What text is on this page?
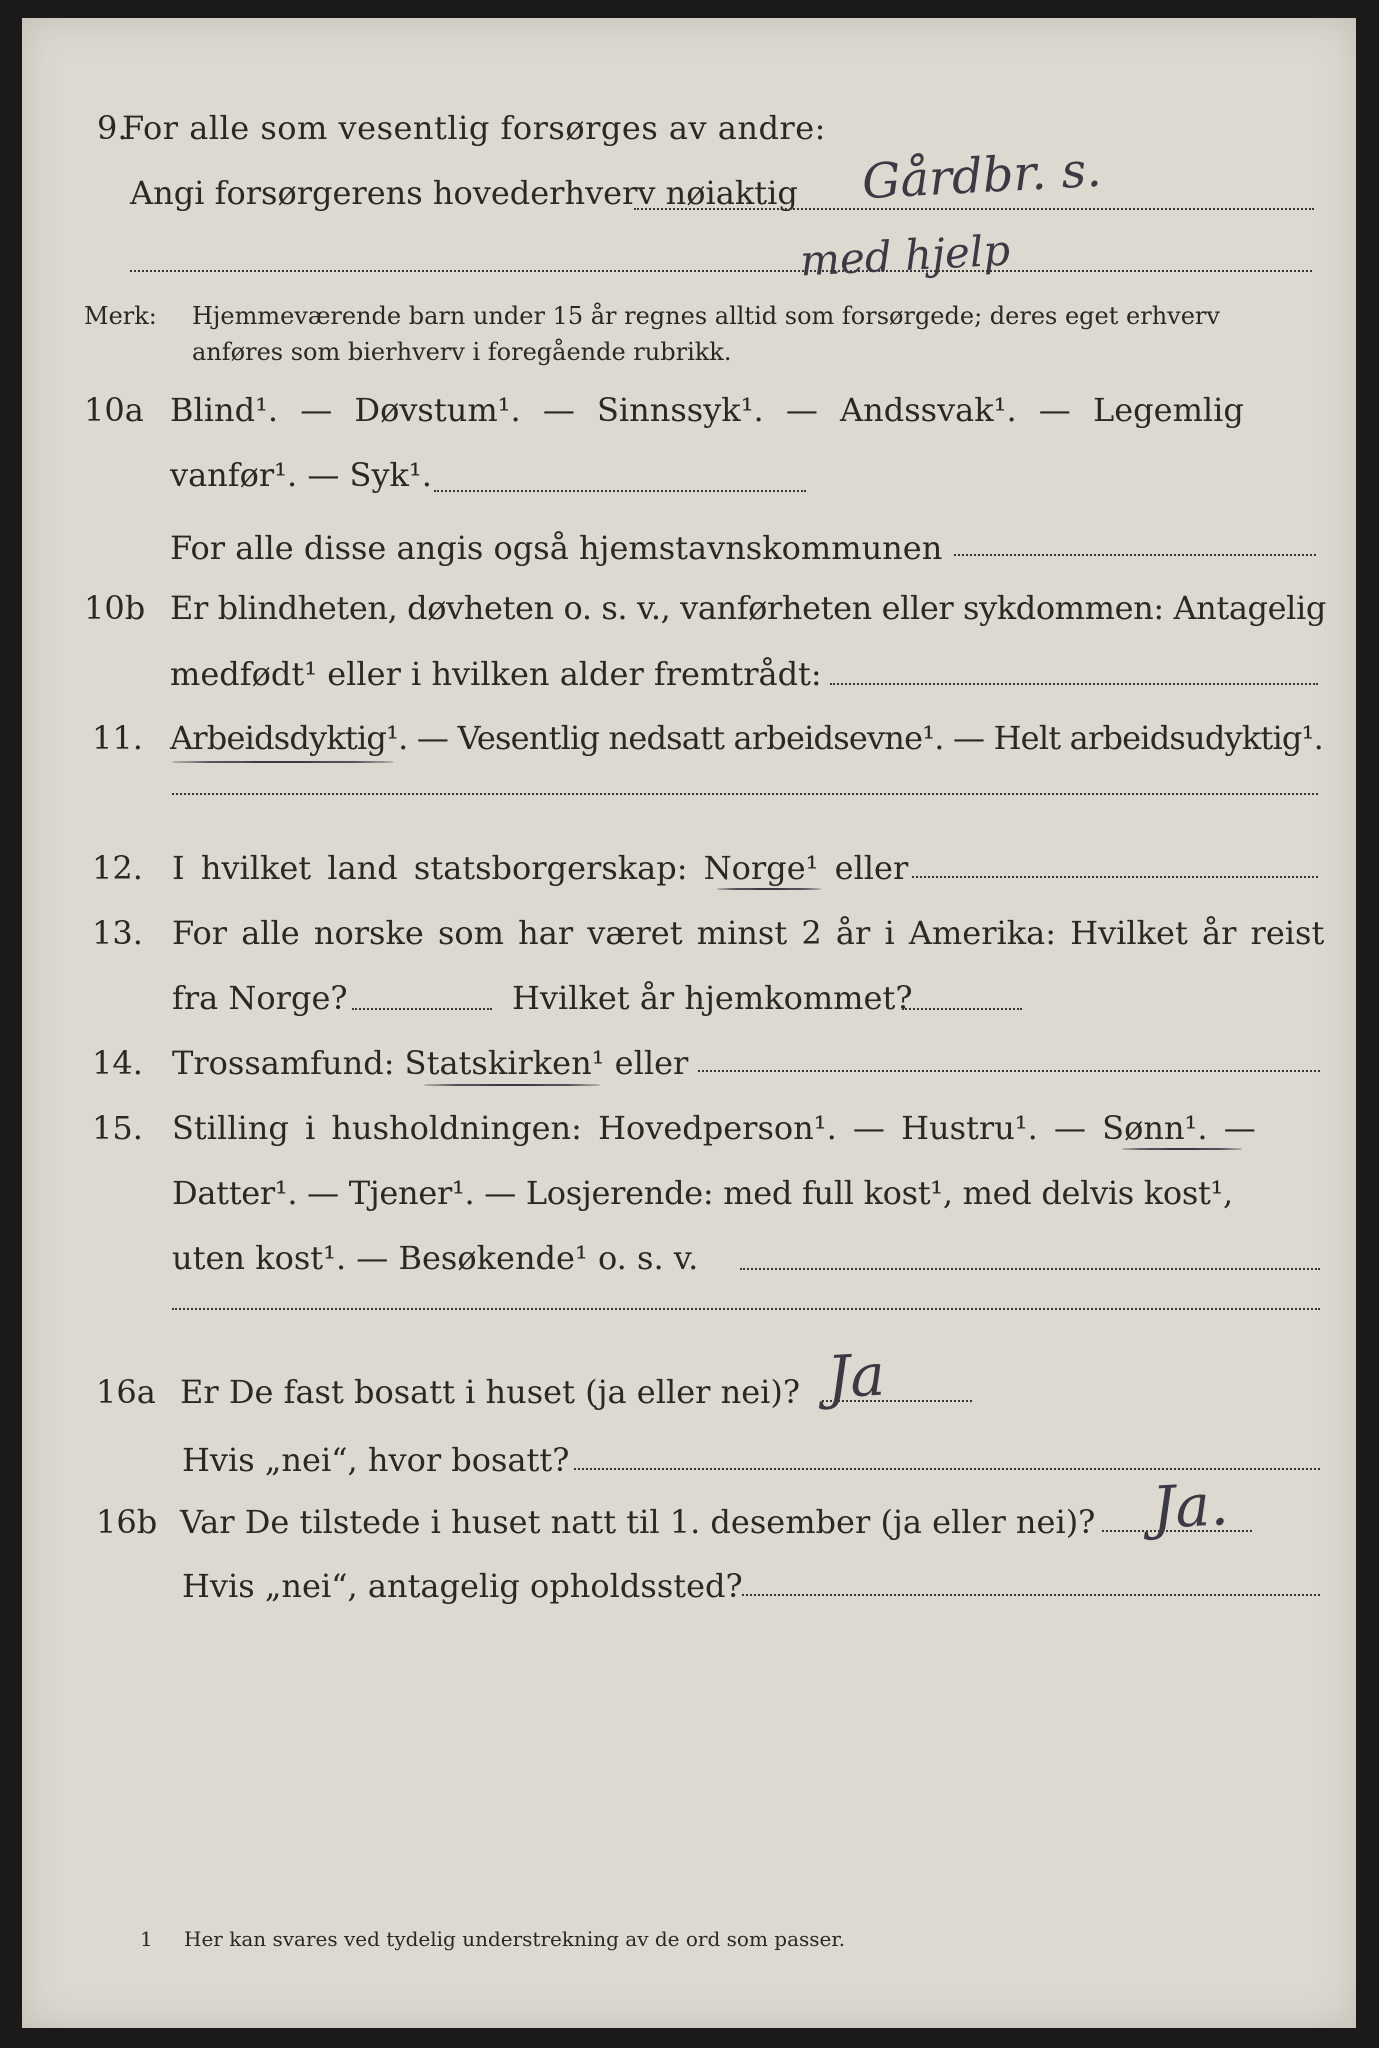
9.
For alle som vesentlig forsørges av andre:
Angi forsørgerens hovederhverv nøiaktig Gårdbr. s.
med hjelp
Merk: Hjemmeværende barn under 15 år regnes alltid som forsørgede; deres eget erhverv
anføres som bierhverv i foregående rubrikk.
10a Blind¹. — Døvstum¹. — Sinnssyk¹. — Andssvak¹. — Legemlig
vanfør¹. — Syk¹.
For alle disse angis også hjemstavnskommunen
10b Er blindheten, døvheten o. s. v., vanførheten eller sykdommen: Antagelig
medfødt¹ eller i hvilken alder fremtrådt:
11. Arbeidsdyktig¹. — Vesentlig nedsatt arbeidsevne¹. — Helt arbeidsudyktig¹.
12. I hvilket land statsborgerskap: Norge¹ eller
13. For alle norske som har været minst 2 år i Amerika: Hvilket år reist
fra Norge?	Hvilket år hjemkommet?
14. Trossamfund: Statskirken¹ eller
15. Stilling i husholdningen: Hovedperson¹. — Hustru¹. — Sønn¹. —
Datter¹. — Tjener¹. — Losjerende: med full kost¹, med delvis kost¹,
uten kost¹. — Besøkende¹ o. s. v.
16a Er De fast bosatt i huset (ja eller nei)? Ja
Hvis „nei“, hvor bosatt?
16b Var De tilstede i huset natt til 1. desember (ja eller nei)? Ja.
Hvis „nei“, antagelig opholdssted?
1 Her kan svares ved tydelig understrekning av de ord som passer.
